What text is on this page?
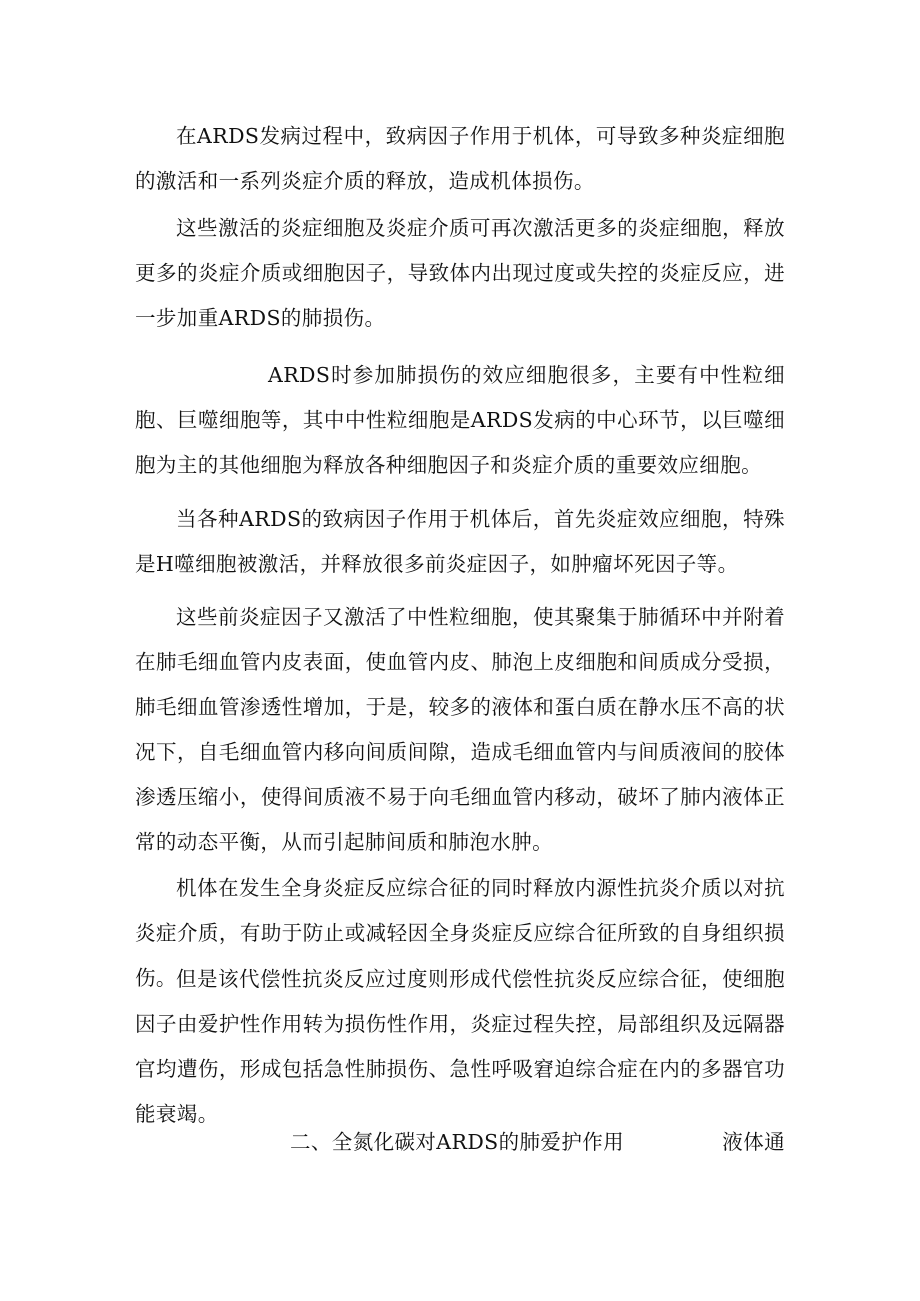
在ARDS发病过程中，致病因子作用于机体，可导致多种炎症细胞的激活和一系列炎症介质的释放，造成机体损伤。

这些激活的炎症细胞及炎症介质可再次激活更多的炎症细胞，释放更多的炎症介质或细胞因子，导致体内出现过度或失控的炎症反应，进一步加重ARDS的肺损伤。

ARDS时参加肺损伤的效应细胞很多，主要有中性粒细胞、巨噬细胞等，其中中性粒细胞是ARDS发病的中心环节，以巨噬细胞为主的其他细胞为释放各种细胞因子和炎症介质的重要效应细胞。

当各种ARDS的致病因子作用于机体后，首先炎症效应细胞，特殊是H噬细胞被激活，并释放很多前炎症因子，如肿瘤坏死因子等。

这些前炎症因子又激活了中性粒细胞，使其聚集于肺循环中并附着在肺毛细血管内皮表面，使血管内皮、肺泡上皮细胞和间质成分受损，肺毛细血管渗透性增加，于是，较多的液体和蛋白质在静水压不高的状况下，自毛细血管内移向间质间隙，造成毛细血管内与间质液间的胶体渗透压缩小，使得间质液不易于向毛细血管内移动，破坏了肺内液体正常的动态平衡，从而引起肺间质和肺泡水肿。

机体在发生全身炎症反应综合征的同时释放内源性抗炎介质以对抗炎症介质，有助于防止或减轻因全身炎症反应综合征所致的自身组织损伤。 但是该代偿性抗炎反应过度则形成代偿性抗炎反应综合征，使细胞因子由爱护性作用转为损伤性作用，炎症过程失控，局部组织及远隔器官均遭伤，形成包括急性肺损伤、急性呼吸窘迫综合症在内的多器官功能衰竭。

二、全氮化碳对ARDS的肺爱护作用	液体通
